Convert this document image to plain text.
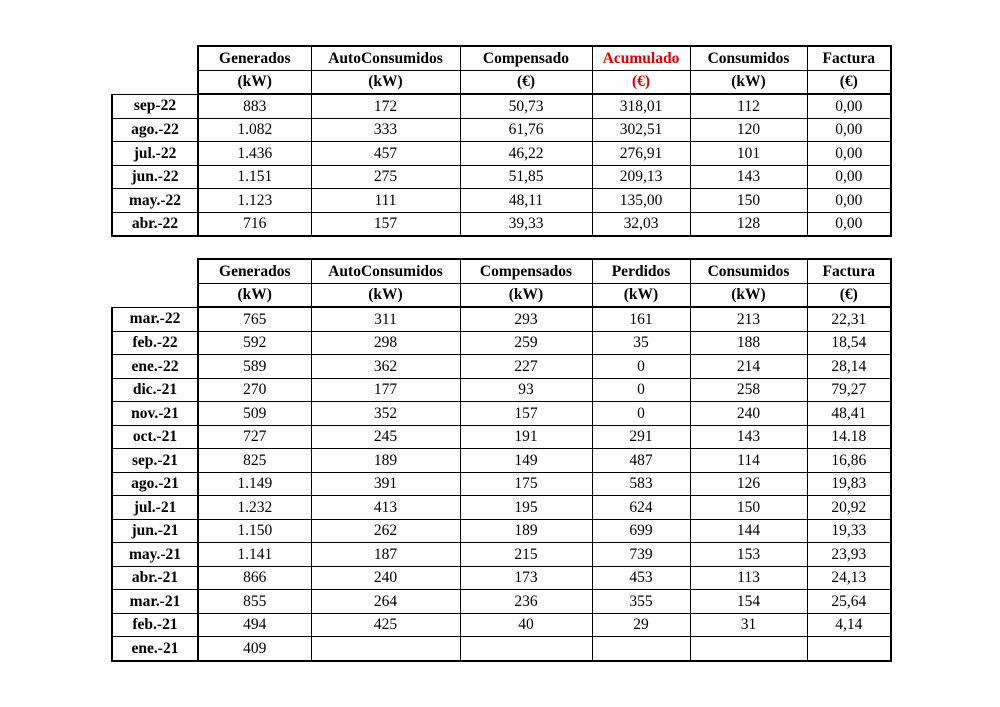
	Generados	AutoConsumidos	Compensado	Acumulado	Consumidos	Factura
	(kW)	(kW)	(€)	(€)	(kW)	(€)
sep-22	883	172	50,73	318,01	112	0,00
ago.-22	1.082	333	61,76	302,51	120	0,00
jul.-22	1.436	457	46,22	276,91	101	0,00
jun.-22	1.151	275	51,85	209,13	143	0,00
may.-22	1.123	111	48,11	135,00	150	0,00
abr.-22	716	157	39,33	32,03	128	0,00
	Generados	AutoConsumidos	Compensados	Perdidos	Consumidos	Factura
	(kW)	(kW)	(kW)	(kW)	(kW)	(€)
mar.-22	765	311	293	161	213	22,31
feb.-22	592	298	259	35	188	18,54
ene.-22	589	362	227	0	214	28,14
dic.-21	270	177	93	0	258	79,27
nov.-21	509	352	157	0	240	48,41
oct.-21	727	245	191	291	143	14.18
sep.-21	825	189	149	487	114	16,86
ago.-21	1.149	391	175	583	126	19,83
jul.-21	1.232	413	195	624	150	20,92
jun.-21	1.150	262	189	699	144	19,33
may.-21	1.141	187	215	739	153	23,93
abr.-21	866	240	173	453	113	24,13
mar.-21	855	264	236	355	154	25,64
feb.-21	494	425	40	29	31	4,14
ene.-21	409					
